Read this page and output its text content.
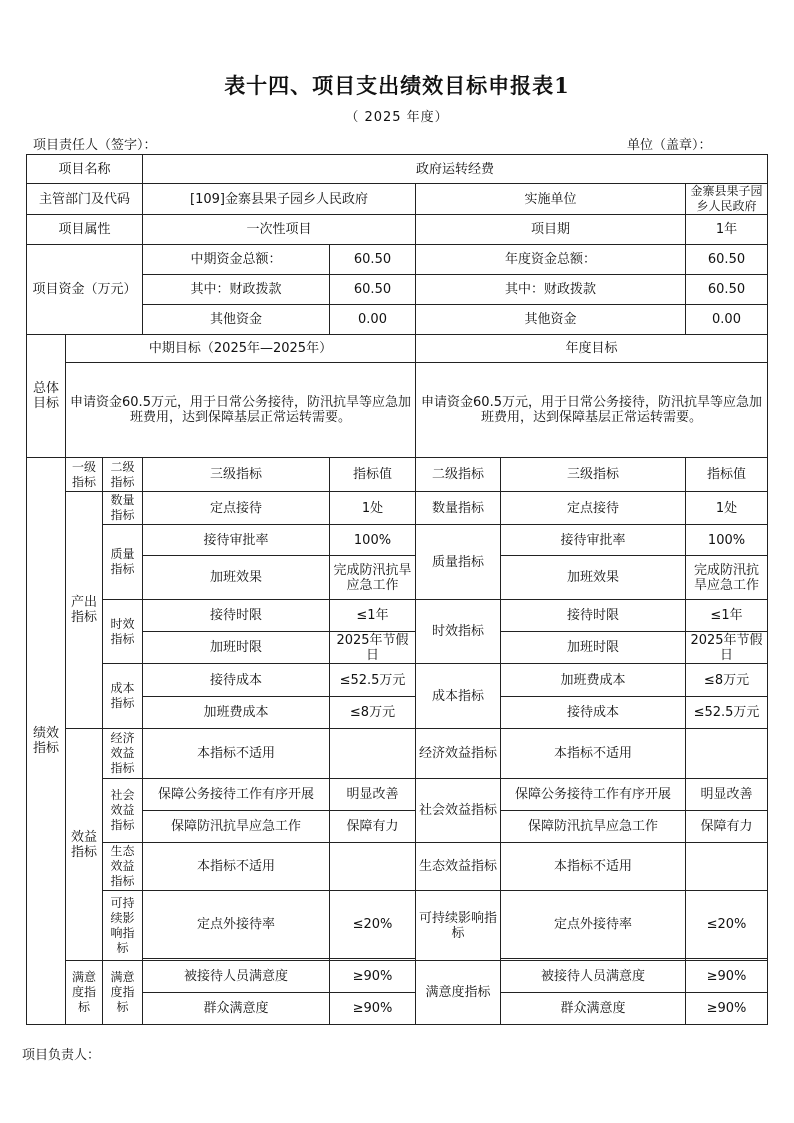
表十四、项目支出绩效目标申报表1
（ 2025 年度）
项目责任人（签字）：	单位（盖章）：
项目名称			政府运转经费				
主管部门及代码			[109]金寨县果子园乡人民政府		实施单位		金寨县果子园乡人民政府
项目属性			一次性项目		项目期		1年
项目资金（万元）			中期资金总额：	60.50	年度资金总额：		60.50
			其中：财政拨款	60.50	其中：财政拨款		60.50
			其他资金	0.00	其他资金		0.00
总体目标	中期目标（2025年—2025年）				年度目标		
	申请资金60.5万元，用于日常公务接待，防汛抗旱等应急加班费用，达到保障基层正常运转需要。				申请资金60.5万元，用于日常公务接待，防汛抗旱等应急加班费用，达到保障基层正常运转需要。		
绩效指标	一级指标	二级指标	三级指标	指标值	二级指标	三级指标	指标值
	产出指标	数量指标	定点接待	1处	数量指标	定点接待	1处
		质量指标	接待审批率	100%	质量指标	接待审批率	100%
			加班效果	完成防汛抗旱应急工作		加班效果	完成防汛抗旱应急工作
		时效指标	接待时限	≤1年	时效指标	接待时限	≤1年
			加班时限	2025年节假日		加班时限	2025年节假日
		成本指标	接待成本	≤52.5万元	成本指标	加班费成本	≤8万元
			加班费成本	≤8万元		接待成本	≤52.5万元
	效益指标	经济效益指标	本指标不适用		经济效益指标	本指标不适用	
		社会效益指标	保障公务接待工作有序开展	明显改善	社会效益指标	保障公务接待工作有序开展	明显改善
			保障防汛抗旱应急工作	保障有力		保障防汛抗旱应急工作	保障有力
		生态效益指标	本指标不适用		生态效益指标	本指标不适用	
		可持续影响指标	定点外接待率	≤20%	可持续影响指标	定点外接待率	≤20%

	满意度指标	满意度指标	被接待人员满意度	≥90%	满意度指标	被接待人员满意度	≥90%
			群众满意度	≥90%		群众满意度	≥90%
项目负责人：
